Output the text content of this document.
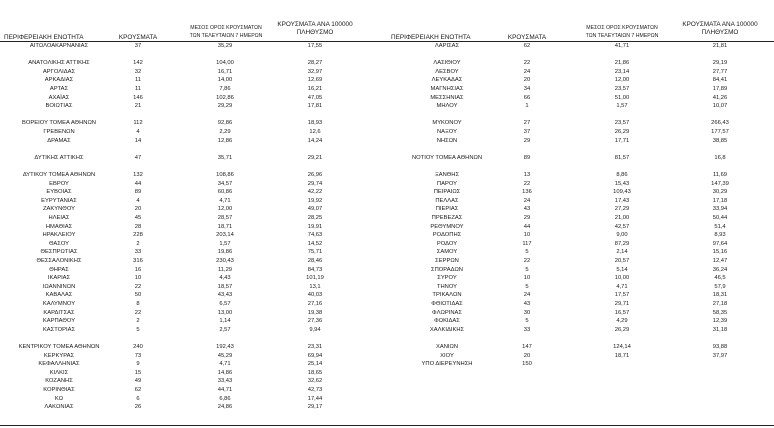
ΠΕΡΙΦΕΡΕΙΑΚΗ ΕΝΟΤΗΤΑ	ΚΡΟΥΣΜΑΤΑ
ΜΕΣΟΣ ΟΡΟΣ ΚΡΟΥΣΜΑΤΩΝ ΤΩΝ ΤΕΛΕΥΤΑΙΩΝ 7 ΗΜΕΡΩΝ
ΚΡΟΥΣΜΑΤΑ ΑΝΑ 100000 ΠΛΗΘΥΣΜΟ
ΑΙΤΩΛΟΑΚΑΡΝΑΝΙΑΣ	37	35,29	17,55
ΑΝΑΤΟΛΙΚΗΣ ΑΤΤΙΚΗΣ	142	104,00	28,27
ΑΡΓΟΛΙΔΑΣ	32	16,71	32,97
ΑΡΚΑΔΙΑΣ	11	14,00	12,69
ΑΡΤΑΣ	11	7,86	16,21
ΑΧΑΪΑΣ	146	102,86	47,05
ΒΟΙΩΤΙΑΣ	21	29,29	17,81
ΒΟΡΕΙΟΥ ΤΟΜΕΑ ΑΘΗΝΩΝ	112	92,86	18,93
ΓΡΕΒΕΝΩΝ	4	2,29	12,6
ΔΡΑΜΑΣ	14	12,86	14,24
ΔΥΤΙΚΗΣ ΑΤΤΙΚΗΣ	47	35,71	29,21
ΔΥΤΙΚΟΥ ΤΟΜΕΑ ΑΘΗΝΩΝ	132	108,86	26,96
ΕΒΡΟΥ	44	34,57	29,74
ΕΥΒΟΙΑΣ	89	60,86	42,22
ΕΥΡΥΤΑΝΙΑΣ	4	4,71	19,92
ΖΑΚΥΝΘΟΥ	20	12,00	49,07
ΗΛΕΙΑΣ	45	28,57	28,25
ΗΜΑΘΙΑΣ	28	18,71	19,91
ΗΡΑΚΛΕΙΟΥ	228	203,14	74,63
ΘΑΣΟΥ	2	1,57	14,52
ΘΕΣΠΡΩΤΙΑΣ	33	19,86	75,71
ΘΕΣΣΑΛΟΝΙΚΗΣ	316	230,43	28,46
ΘΗΡΑΣ	16	11,29	84,73
ΙΚΑΡΙΑΣ	10	4,43	101,19
ΙΩΑΝΝΙΝΩΝ	22	18,57	13,1
ΚΑΒΑΛΑΣ	50	43,43	40,03
ΚΑΛΥΜΝΟΥ	8	6,57	27,16
ΚΑΡΔΙΤΣΑΣ	22	13,00	19,38
ΚΑΡΠΑΘΟΥ	2	1,14	27,36
ΚΑΣΤΟΡΙΑΣ	5	2,57	9,94
ΚΕΝΤΡΙΚΟΥ ΤΟΜΕΑ ΑΘΗΝΩΝ	240	192,43	23,31
ΚΕΡΚΥΡΑΣ	73	45,29	69,94
ΚΕΦΑΛΛΗΝΙΑΣ	9	4,71	25,14
ΚΙΛΚΙΣ	15	14,86	18,65
ΚΟΖΑΝΗΣ	49	33,43	32,62
ΚΟΡΙΝΘΙΑΣ	62	44,71	42,73
ΚΩ	6	6,86	17,44
ΛΑΚΩΝΙΑΣ	26	24,86	29,17
ΠΕΡΙΦΕΡΕΙΑΚΗ ΕΝΟΤΗΤΑ	ΚΡΟΥΣΜΑΤΑ
ΜΕΣΟΣ ΟΡΟΣ ΚΡΟΥΣΜΑΤΩΝ ΤΩΝ ΤΕΛΕΥΤΑΙΩΝ 7 ΗΜΕΡΩΝ
ΚΡΟΥΣΜΑΤΑ ΑΝΑ 100000 ΠΛΗΘΥΣΜΟ
ΛΑΡΙΣΑΣ	62	41,71	21,81
ΛΑΣΙΘΙΟΥ	22	21,86	29,19
ΛΕΣΒΟΥ	24	23,14	27,77
ΛΕΥΚΑΔΑΣ	20	12,00	84,41
ΜΑΓΝΗΣΙΑΣ	34	23,57	17,89
ΜΕΣΣΗΝΙΑΣ	66	51,00	41,26
ΜΗΛΟΥ	1	1,57	10,07
ΜΥΚΟΝΟΥ	27	23,57	266,43
ΝΑΞΟΥ	37	26,29	177,57
ΝΗΣΩΝ	29	17,71	38,85
ΝΟΤΙΟΥ ΤΟΜΕΑ ΑΘΗΝΩΝ	89	81,57	16,8
ΞΑΝΘΗΣ	13	8,86	11,69
ΠΑΡΟΥ	22	15,43	147,39
ΠΕΙΡΑΙΩΣ	136	109,43	30,29
ΠΕΛΛΑΣ	24	17,43	17,18
ΠΙΕΡΙΑΣ	43	27,29	33,94
ΠΡΕΒΕΖΑΣ	29	21,00	50,44
ΡΕΘΥΜΝΟΥ	44	42,57	51,4
ΡΟΔΟΠΗΣ	10	9,00	8,93
ΡΟΔΟΥ	117	87,29	97,64
ΣΑΜΟΥ	5	2,14	15,16
ΣΕΡΡΩΝ	22	20,57	12,47
ΣΠΟΡΑΔΩΝ	5	5,14	36,24
ΣΥΡΟΥ	10	10,00	46,5
ΤΗΝΟΥ	5	4,71	57,9
ΤΡΙΚΑΛΩΝ	24	17,57	18,31
ΦΘΙΩΤΙΔΑΣ	43	29,71	27,18
ΦΛΩΡΙΝΑΣ	30	16,57	58,35
ΦΩΚΙΔΑΣ	5	4,29	12,39
ΧΑΛΚΙΔΙΚΗΣ	33	26,29	31,18
ΧΑΝΙΩΝ	147	124,14	93,88
ΧΙΟΥ	20	18,71	37,97
ΥΠΟ ΔΙΕΡΕΥΝΗΣΗ	150
